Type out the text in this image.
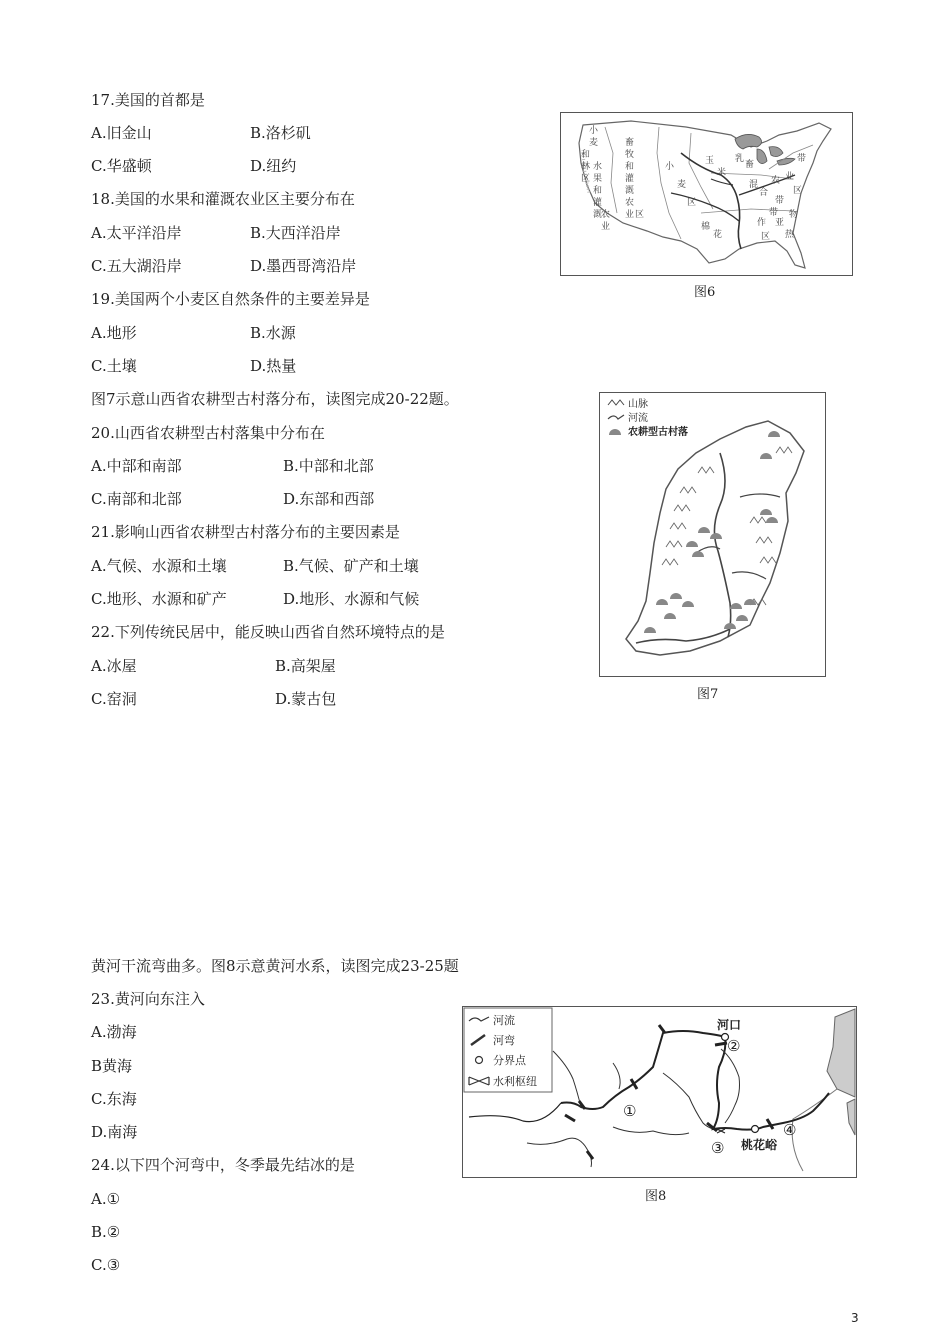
17.美国的首都是
A.旧金山	B.洛杉矶
C.华盛顿	D.纽约
18.美国的水果和灌溉农业区主要分布在
A.太平洋沿岸	B.大西洋沿岸
C.五大湖沿岸	D.墨西哥湾沿岸
19.美国两个小麦区自然条件的主要差异是
A.地形	B.水源
C.土壤	D.热量
图7示意山西省农耕型古村落分布，读图完成20-22题。
20.山西省农耕型古村落集中分布在
A.中部和南部	B.中部和北部
C.南部和北部	D.东部和西部
21.影响山西省农耕型古村落分布的主要因素是
A.气候、水源和土壤	B.气候、矿产和土壤
C.地形、水源和矿产	D.地形、水源和气候
22.下列传统民居中，能反映山西省自然环境特点的是
A.冰屋	B.高架屋
C.窑洞	D.蒙古包
黄河干流弯曲多。图8示意黄河水系，读图完成23-25题
23.黄河向东注入
A.渤海
B黄海
C.东海
D.南海
24.以下四个河弯中，冬季最先结冰的是
A.①
B.②
C.③
小
麦
和
林
区
水
果
和
灌
溉
农
业
畜
牧
和
灌
溉
农
业 区
小
麦
区
玉
米
乳
畜
带
区
棉
花
混
合
农 业
带
亚
热
带
作
物
区
图6
山脉
河流
农耕型古村落
图7
河流
河弯
分界点
水利枢纽
河口
桃花峪
①
②
③
④
图8
3
